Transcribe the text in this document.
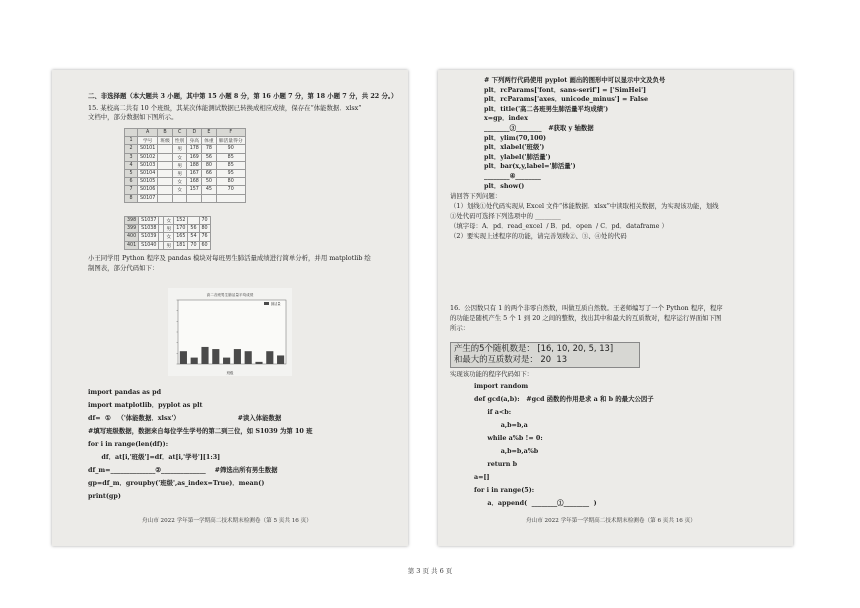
二、非选择题（本大题共 3 小题，其中第 15 小题 8 分，第 16 小题 7 分，第 18 小题 7 分，共 22 分。）
15. 某校高二共有 10 个班级，其某次体能测试数据已转换成相应成绩，保存在“体能数据．xlsx”
文档中，部分数据如下图所示。
	A	B	C	D	E	F
1	学号	班级	性别	身高	体重	肺活量得分
2	S0101		男	178	78	90
3	S0102		女	169	56	85
4	S0103		男	188	80	85
5	S0104		男	167	66	95
6	S0105		女	168	50	80
7	S0106		女	157	45	70
8	S0107					
398	S1037		女	152		70
399	S1038		男	170	56	80
400	S1039		女	165	54	76
401	S1040		男	181	70	60
小王同学用 Python 程序及 pandas 模块对每班男生肺活量成绩进行简单分析，并用 matplotlib 绘
制图表，部分代码如下：
高二各班男生肺活量平均成绩
肺活量
班级
import pandas as pd
import matplotlib．pyplot as plt
df=  ①   （'体能数据．xlsx'）                          #读入体能数据
#填写班级数据，数据来自每位学生学号的第二到三位，如 S1039 为第 10 班
for i in range(len(df)):
df．at[i,'班级']=df．at[i,'学号'][1:3]
df_m=______________②______________    #筛选出所有男生数据
gp=df_m．groupby('班级',as_index=True)．mean()
print(gp)
舟山市 2022 学年第一学期高二技术期末检测卷（第 5 页共 16 页）
# 下列两行代码使用 pyplot 画出的图形中可以显示中文及负号
plt．rcParams['font．sans-serif'] = ['SimHei']
plt．rcParams['axes．unicode_minus'] = False
plt．title('高二各班男生肺活量平均成绩')
x=gp．index
________③________   #获取 y 轴数据
plt．ylim(70,100)
plt．xlabel('班级')
plt．ylabel('肺活量')
plt．bar(x,y,label='肺活量')
________④________
plt．show()
请回答下列问题：
（1）划线①处代码实现从 Excel 文件“体能数据．xlsx”中读取相关数据，为实现该功能，划线
①处代码可选择下列选项中的 ________
（填字母：A．pd．read_excel  / B．pd．open  / C．pd．dataframe ）
（2）要实现上述程序的功能，请完善划线②、③、④处的代码
16.  公因数只有 1 的两个非零自然数，叫做互质自然数。王老师编写了一个 Python 程序，程序
的功能是随机产生 5 个 1 到 20 之间的整数，找出其中和最大的互质数对，程序运行界面如下图
所示：
产生的5个随机数是： [16, 10, 20, 5, 13]
和最大的互质数对是： 20  13
实现该功能的程序代码如下：
import random
def gcd(a,b):   #gcd 函数的作用是求 a 和 b 的最大公因子
if a<b:
a,b=b,a
while a%b != 0:
a,b=b,a%b
return b
a=[]
for i in range(5):
a．append(  ________①________  )
舟山市 2022 学年第一学期高二技术期末检测卷（第 6 页共 16 页）
第 3 页 共 6 页
